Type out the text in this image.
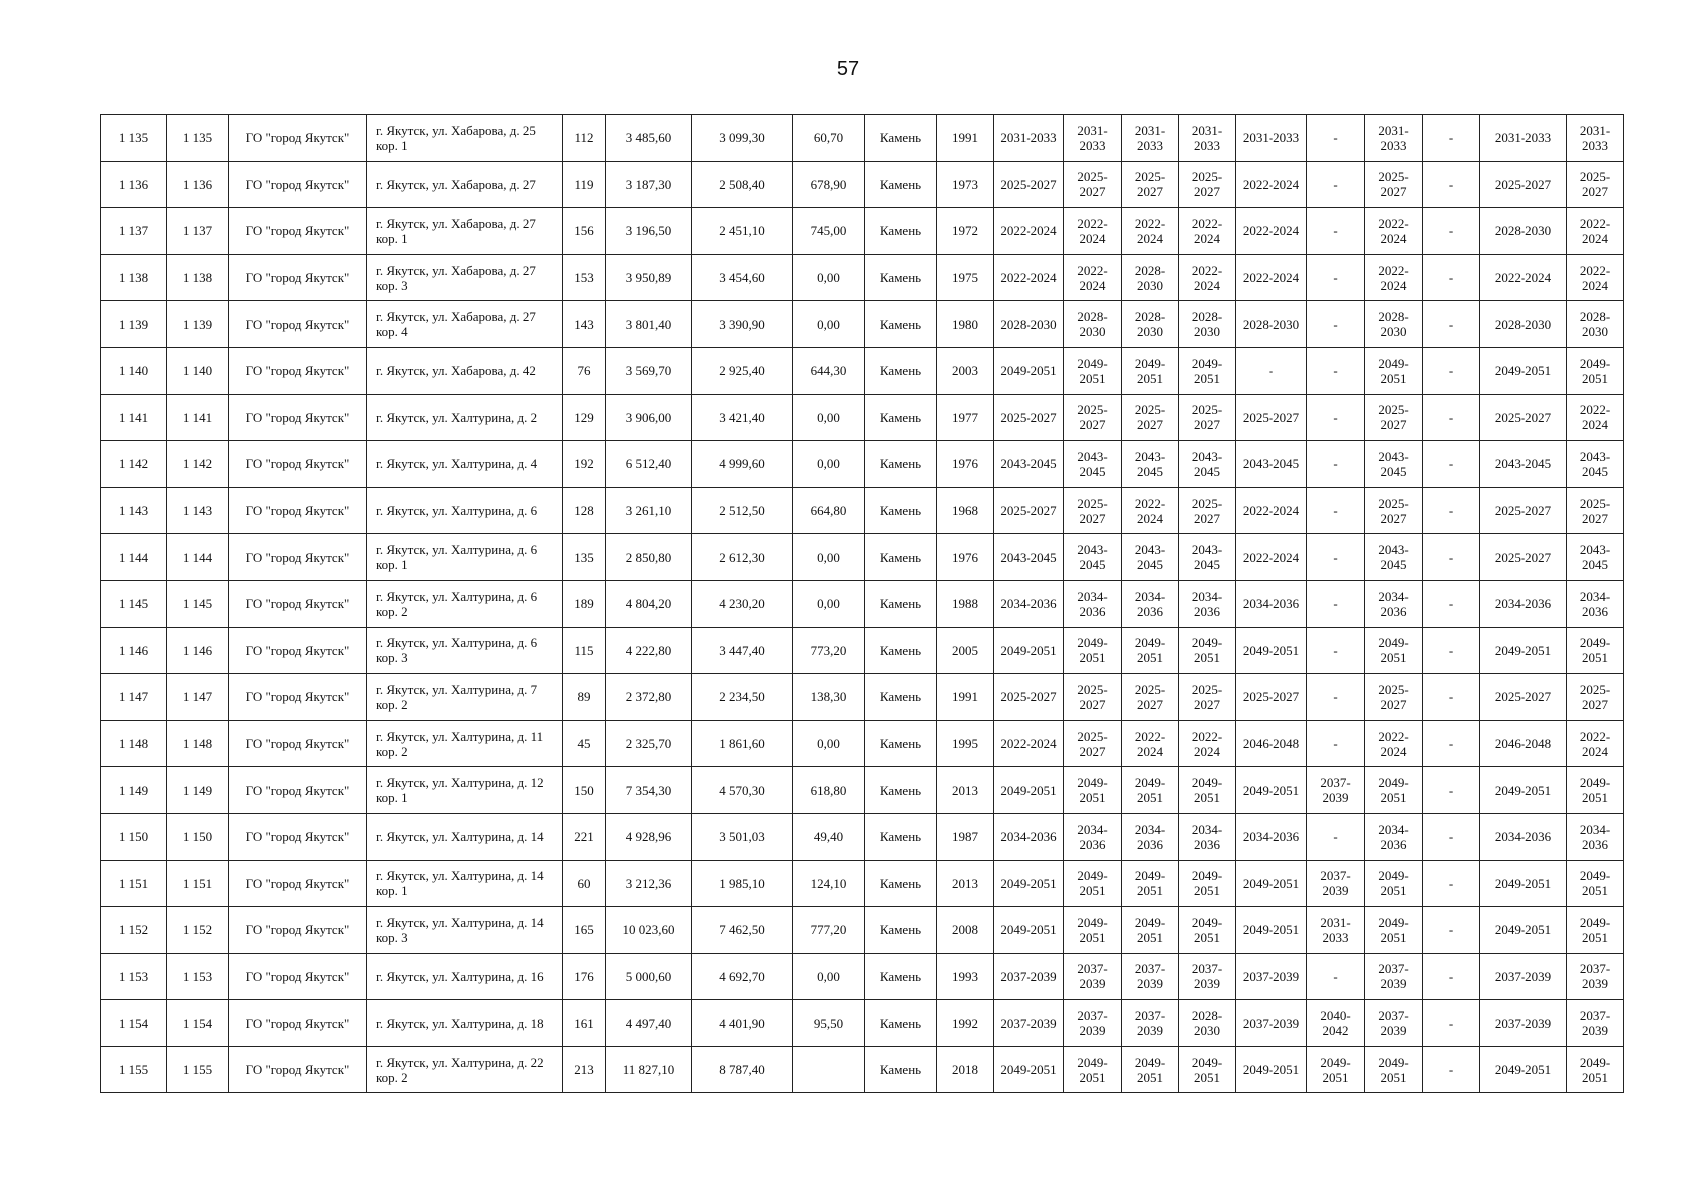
57
1 135	1 135	ГО "город Якутск"	г. Якутск, ул. Хабарова, д. 25 кор. 1	112	3 485,60	3 099,30	60,70	Камень	1991	2031-2033	2031-2033	2031-2033	2031-2033	2031-2033	-	2031-2033	-	2031-2033	2031-2033
1 136	1 136	ГО "город Якутск"	г. Якутск, ул. Хабарова, д. 27	119	3 187,30	2 508,40	678,90	Камень	1973	2025-2027	2025-2027	2025-2027	2025-2027	2022-2024	-	2025-2027	-	2025-2027	2025-2027
1 137	1 137	ГО "город Якутск"	г. Якутск, ул. Хабарова, д. 27 кор. 1	156	3 196,50	2 451,10	745,00	Камень	1972	2022-2024	2022-2024	2022-2024	2022-2024	2022-2024	-	2022-2024	-	2028-2030	2022-2024
1 138	1 138	ГО "город Якутск"	г. Якутск, ул. Хабарова, д. 27 кор. 3	153	3 950,89	3 454,60	0,00	Камень	1975	2022-2024	2022-2024	2028-2030	2022-2024	2022-2024	-	2022-2024	-	2022-2024	2022-2024
1 139	1 139	ГО "город Якутск"	г. Якутск, ул. Хабарова, д. 27 кор. 4	143	3 801,40	3 390,90	0,00	Камень	1980	2028-2030	2028-2030	2028-2030	2028-2030	2028-2030	-	2028-2030	-	2028-2030	2028-2030
1 140	1 140	ГО "город Якутск"	г. Якутск, ул. Хабарова, д. 42	76	3 569,70	2 925,40	644,30	Камень	2003	2049-2051	2049-2051	2049-2051	2049-2051	-	-	2049-2051	-	2049-2051	2049-2051
1 141	1 141	ГО "город Якутск"	г. Якутск, ул. Халтурина, д. 2	129	3 906,00	3 421,40	0,00	Камень	1977	2025-2027	2025-2027	2025-2027	2025-2027	2025-2027	-	2025-2027	-	2025-2027	2022-2024
1 142	1 142	ГО "город Якутск"	г. Якутск, ул. Халтурина, д. 4	192	6 512,40	4 999,60	0,00	Камень	1976	2043-2045	2043-2045	2043-2045	2043-2045	2043-2045	-	2043-2045	-	2043-2045	2043-2045
1 143	1 143	ГО "город Якутск"	г. Якутск, ул. Халтурина, д. 6	128	3 261,10	2 512,50	664,80	Камень	1968	2025-2027	2025-2027	2022-2024	2025-2027	2022-2024	-	2025-2027	-	2025-2027	2025-2027
1 144	1 144	ГО "город Якутск"	г. Якутск, ул. Халтурина, д. 6 кор. 1	135	2 850,80	2 612,30	0,00	Камень	1976	2043-2045	2043-2045	2043-2045	2043-2045	2022-2024	-	2043-2045	-	2025-2027	2043-2045
1 145	1 145	ГО "город Якутск"	г. Якутск, ул. Халтурина, д. 6 кор. 2	189	4 804,20	4 230,20	0,00	Камень	1988	2034-2036	2034-2036	2034-2036	2034-2036	2034-2036	-	2034-2036	-	2034-2036	2034-2036
1 146	1 146	ГО "город Якутск"	г. Якутск, ул. Халтурина, д. 6 кор. 3	115	4 222,80	3 447,40	773,20	Камень	2005	2049-2051	2049-2051	2049-2051	2049-2051	2049-2051	-	2049-2051	-	2049-2051	2049-2051
1 147	1 147	ГО "город Якутск"	г. Якутск, ул. Халтурина, д. 7 кор. 2	89	2 372,80	2 234,50	138,30	Камень	1991	2025-2027	2025-2027	2025-2027	2025-2027	2025-2027	-	2025-2027	-	2025-2027	2025-2027
1 148	1 148	ГО "город Якутск"	г. Якутск, ул. Халтурина, д. 11 кор. 2	45	2 325,70	1 861,60	0,00	Камень	1995	2022-2024	2025-2027	2022-2024	2022-2024	2046-2048	-	2022-2024	-	2046-2048	2022-2024
1 149	1 149	ГО "город Якутск"	г. Якутск, ул. Халтурина, д. 12 кор. 1	150	7 354,30	4 570,30	618,80	Камень	2013	2049-2051	2049-2051	2049-2051	2049-2051	2049-2051	2037-2039	2049-2051	-	2049-2051	2049-2051
1 150	1 150	ГО "город Якутск"	г. Якутск, ул. Халтурина, д. 14	221	4 928,96	3 501,03	49,40	Камень	1987	2034-2036	2034-2036	2034-2036	2034-2036	2034-2036	-	2034-2036	-	2034-2036	2034-2036
1 151	1 151	ГО "город Якутск"	г. Якутск, ул. Халтурина, д. 14 кор. 1	60	3 212,36	1 985,10	124,10	Камень	2013	2049-2051	2049-2051	2049-2051	2049-2051	2049-2051	2037-2039	2049-2051	-	2049-2051	2049-2051
1 152	1 152	ГО "город Якутск"	г. Якутск, ул. Халтурина, д. 14 кор. 3	165	10 023,60	7 462,50	777,20	Камень	2008	2049-2051	2049-2051	2049-2051	2049-2051	2049-2051	2031-2033	2049-2051	-	2049-2051	2049-2051
1 153	1 153	ГО "город Якутск"	г. Якутск, ул. Халтурина, д. 16	176	5 000,60	4 692,70	0,00	Камень	1993	2037-2039	2037-2039	2037-2039	2037-2039	2037-2039	-	2037-2039	-	2037-2039	2037-2039
1 154	1 154	ГО "город Якутск"	г. Якутск, ул. Халтурина, д. 18	161	4 497,40	4 401,90	95,50	Камень	1992	2037-2039	2037-2039	2037-2039	2028-2030	2037-2039	2040-2042	2037-2039	-	2037-2039	2037-2039
1 155	1 155	ГО "город Якутск"	г. Якутск, ул. Халтурина, д. 22 кор. 2	213	11 827,10	8 787,40		Камень	2018	2049-2051	2049-2051	2049-2051	2049-2051	2049-2051	2049-2051	2049-2051	-	2049-2051	2049-2051
